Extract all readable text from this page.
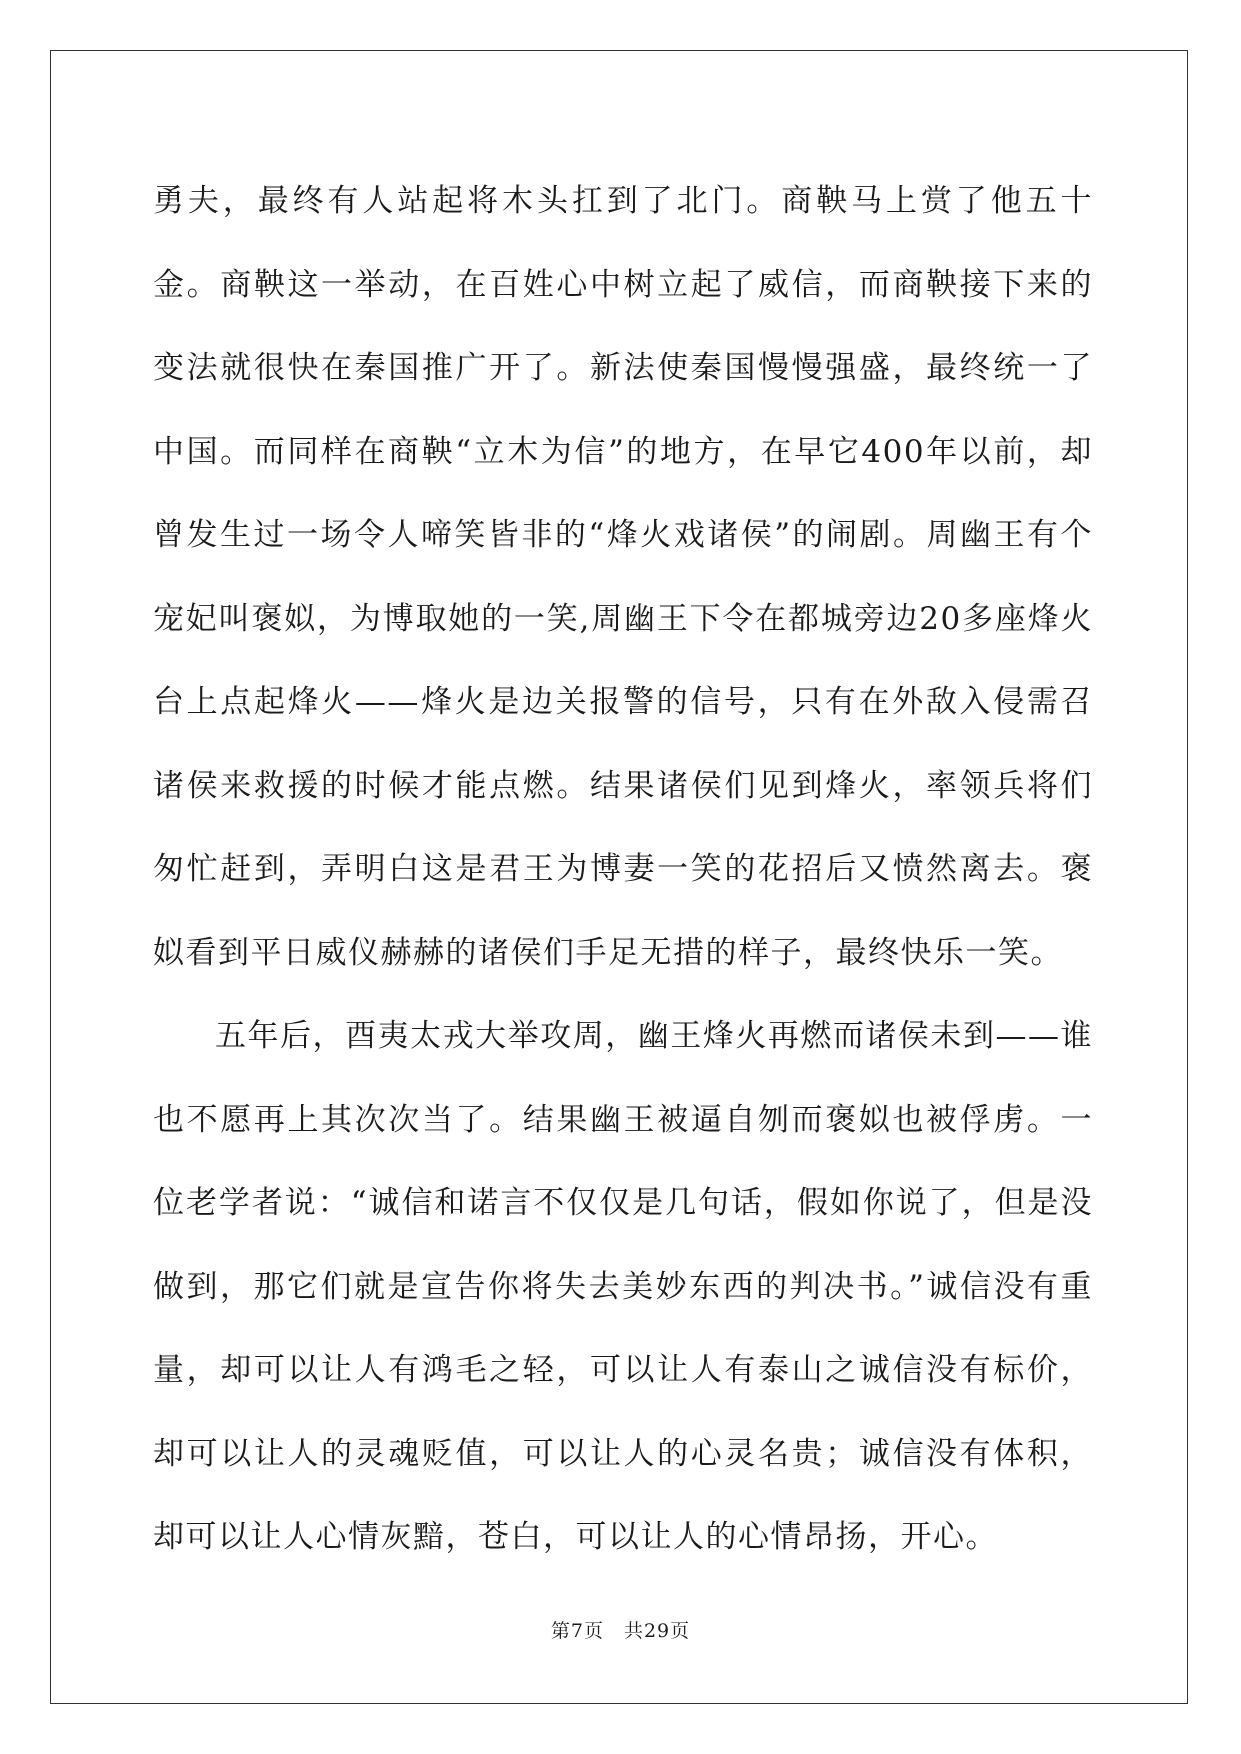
勇夫，最终有人站起将木头扛到了北门。商鞅马上赏了他五十金。商鞅这一举动，在百姓心中树立起了威信，而商鞅接下来的变法就很快在秦国推广开了。新法使秦国慢慢强盛，最终统一了中国。而同样在商鞅“立木为信”的地方，在早它400年以前，却曾发生过一场令人啼笑皆非的“烽火戏诸侯”的闹剧。周幽王有个宠妃叫褒姒，为博取她的一笑,周幽王下令在都城旁边20多座烽火台上点起烽火——烽火是边关报警的信号，只有在外敌入侵需召诸侯来救援的时候才能点燃。结果诸侯们见到烽火，率领兵将们匆忙赶到，弄明白这是君王为博妻一笑的花招后又愤然离去。褒姒看到平日威仪赫赫的诸侯们手足无措的样子，最终快乐一笑。

五年后，酉夷太戎大举攻周，幽王烽火再燃而诸侯未到——谁也不愿再上其次次当了。结果幽王被逼自刎而褒姒也被俘虏。一位老学者说：“诚信和诺言不仅仅是几句话，假如你说了，但是没做到，那它们就是宣告你将失去美妙东西的判决书。”诚信没有重量，却可以让人有鸿毛之轻，可以让人有泰山之诚信没有标价，却可以让人的灵魂贬值，可以让人的心灵名贵；诚信没有体积，却可以让人心情灰黯，苍白，可以让人的心情昂扬，开心。

第7页　共29页
